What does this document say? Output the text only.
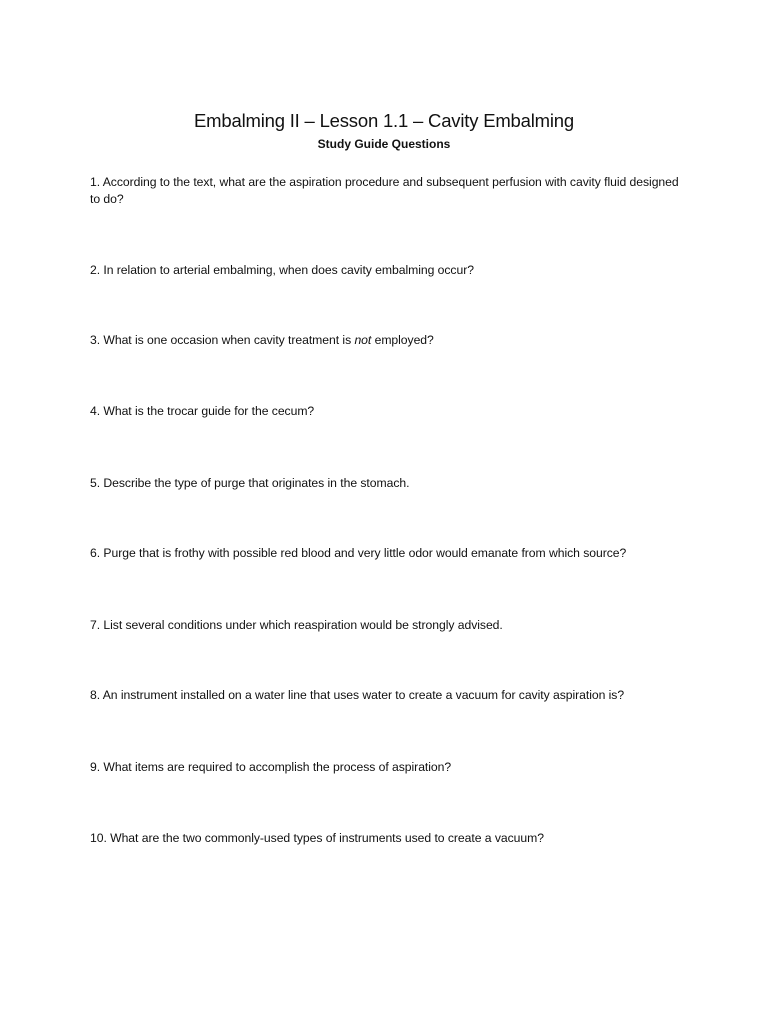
Embalming II – Lesson 1.1 – Cavity Embalming
Study Guide Questions
1. According to the text, what are the aspiration procedure and subsequent perfusion with cavity fluid designed to do?
2. In relation to arterial embalming, when does cavity embalming occur?
3. What is one occasion when cavity treatment is not employed?
4. What is the trocar guide for the cecum?
5. Describe the type of purge that originates in the stomach.
6. Purge that is frothy with possible red blood and very little odor would emanate from which source?
7. List several conditions under which reaspiration would be strongly advised.
8. An instrument installed on a water line that uses water to create a vacuum for cavity aspiration is?
9. What items are required to accomplish the process of aspiration?
10. What are the two commonly-used types of instruments used to create a vacuum?
